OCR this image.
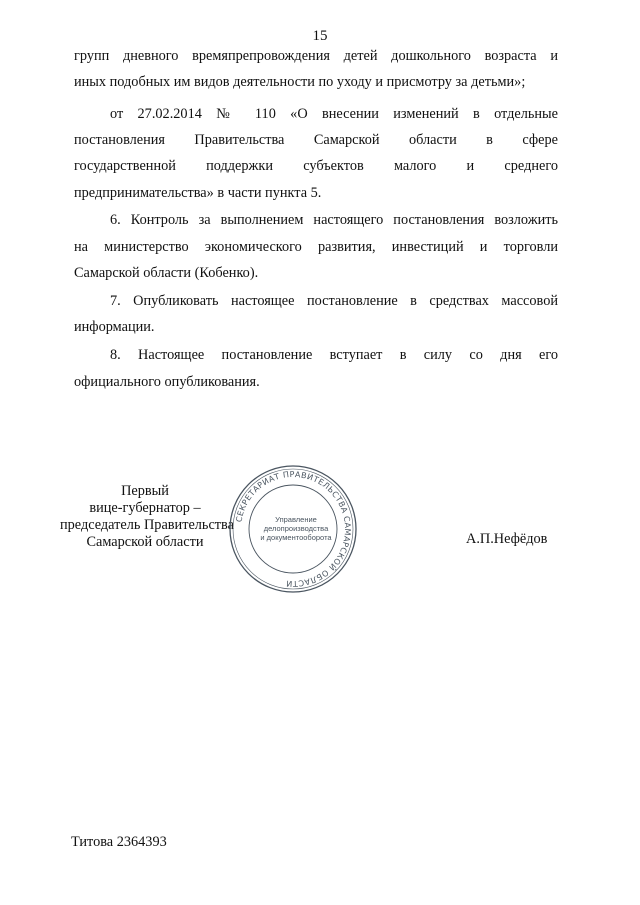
15
групп дневного времяпрепровождения детей дошкольного возраста и
иных подобных им видов деятельности по уходу и присмотру за детьми»;
от 27.02.2014 № 110 «О внесении изменений в отдельные
постановления Правительства Самарской области в сфере
государственной поддержки субъектов малого и среднего
предпринимательства» в части пункта 5.
6. Контроль за выполнением настоящего постановления возложить
на министерство экономического развития, инвестиций и торговли
Самарской области (Кобенко).
7. Опубликовать настоящее постановление в средствах массовой
информации.
8. Настоящее постановление вступает в силу со дня его
официального опубликования.
Первый
вице-губернатор –
председатель Правительства
Самарской области
СЕКРЕТАРИАТ ПРАВИТЕЛЬСТВА САМАРСКОЙ ОБЛАСТИ
Управление
делопроизводства
и документооборота	А.П.Нефёдов
Титова 2364393
